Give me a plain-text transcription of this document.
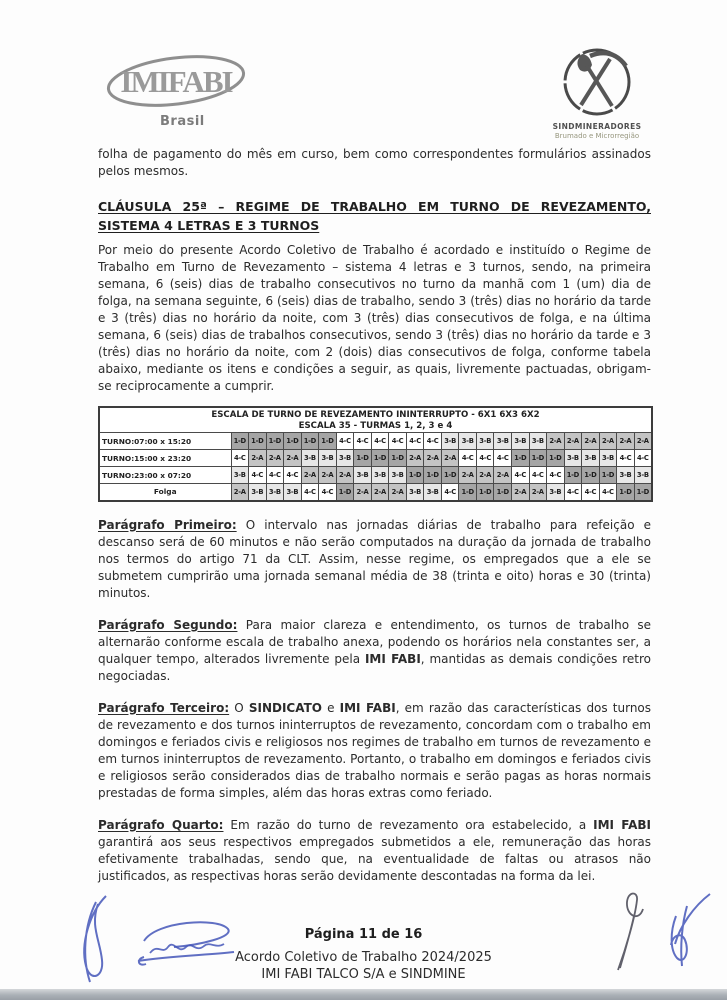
IMIFABI
Brasil	SINDMINERADORES
Brumado e Microrregião

folha de pagamento do mês em curso, bem como correspondentes formulários assinados pelos mesmos.

CLÁUSULA 25ª – REGIME DE TRABALHO EM TURNO DE REVEZAMENTO, SISTEMA 4 LETRAS E 3 TURNOS

Por meio do presente Acordo Coletivo de Trabalho é acordado e instituído o Regime de Trabalho em Turno de Revezamento – sistema 4 letras e 3 turnos, sendo, na primeira semana, 6 (seis) dias de trabalho consecutivos no turno da manhã com 1 (um) dia de folga, na semana seguinte, 6 (seis) dias de trabalho, sendo 3 (três) dias no horário da tarde e 3 (três) dias no horário da noite, com 3 (três) dias consecutivos de folga, e na última semana, 6 (seis) dias de trabalhos consecutivos, sendo 3 (três) dias no horário da tarde e 3 (três) dias no horário da noite, com 2 (dois) dias consecutivos de folga, conforme tabela abaixo, mediante os itens e condições a seguir, as quais, livremente pactuadas, obrigam-se reciprocamente a cumprir.

ESCALA DE TURNO DE REVEZAMENTO ININTERRUPTO - 6X1 6X3 6X2																								
ESCALA 35 - TURMAS 1, 2, 3 e 4																								
TURNO:07:00 x 15:20	1-D	1-D	1-D	1-D	1-D	1-D	4-C	4-C	4-C	4-C	4-C	4-C	3-B	3-B	3-B	3-B	3-B	3-B	2-A	2-A	2-A	2-A	2-A	2-A
TURNO:15:00 x 23:20	4-C	2-A	2-A	2-A	3-B	3-B	3-B	1-D	1-D	1-D	2-A	2-A	2-A	4-C	4-C	4-C	1-D	1-D	1-D	3-B	3-B	3-B	4-C	4-C
TURNO:23:00 x 07:20	3-B	4-C	4-C	4-C	2-A	2-A	2-A	3-B	3-B	3-B	1-D	1-D	1-D	2-A	2-A	2-A	4-C	4-C	4-C	1-D	1-D	1-D	3-B	3-B
Folga	2-A	3-B	3-B	3-B	4-C	4-C	1-D	2-A	2-A	2-A	3-B	3-B	4-C	1-D	1-D	1-D	2-A	2-A	3-B	4-C	4-C	4-C	1-D	1-D

Parágrafo Primeiro: O intervalo nas jornadas diárias de trabalho para refeição e descanso será de 60 minutos e não serão computados na duração da jornada de trabalho nos termos do artigo 71 da CLT. Assim, nesse regime, os empregados que a ele se submetem cumprirão uma jornada semanal média de 38 (trinta e oito) horas e 30 (trinta) minutos.

Parágrafo Segundo: Para maior clareza e entendimento, os turnos de trabalho se alternarão conforme escala de trabalho anexa, podendo os horários nela constantes ser, a qualquer tempo, alterados livremente pela IMI FABI, mantidas as demais condições retro negociadas.

Parágrafo Terceiro: O SINDICATO e IMI FABI, em razão das características dos turnos de revezamento e dos turnos ininterruptos de revezamento, concordam com o trabalho em domingos e feriados civis e religiosos nos regimes de trabalho em turnos de revezamento e em turnos ininterruptos de revezamento. Portanto, o trabalho em domingos e feriados civis e religiosos serão considerados dias de trabalho normais e serão pagas as horas normais prestadas de forma simples, além das horas extras como feriado.

Parágrafo Quarto: Em razão do turno de revezamento ora estabelecido, a IMI FABI garantirá aos seus respectivos empregados submetidos a ele, remuneração das horas efetivamente trabalhadas, sendo que, na eventualidade de faltas ou atrasos não justificados, as respectivas horas serão devidamente descontadas na forma da lei.

Página 11 de 16
Acordo Coletivo de Trabalho 2024/2025
IMI FABI TALCO S/A e SINDMINE
